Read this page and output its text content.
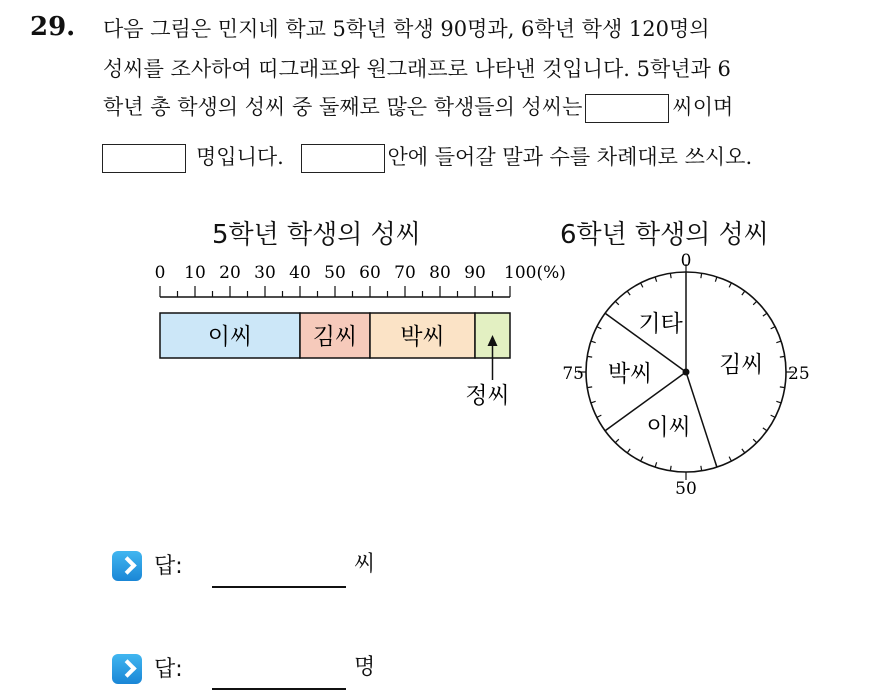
29. 다음 그림은 민지네 학교 5학년 학생 90명과, 6학년 학생 120명의
성씨를 조사하여 띠그래프와 원그래프로 나타낸 것입니다. 5학년과 6
학년 총 학생의 성씨 중 둘째로 많은 학생들의 성씨는	씨이며
명입니다.	안에 들어갈 말과 수를 차례대로 쓰시오.
5학년 학생의 성씨	6학년 학생의 성씨
0 10 20 30 40 50 60 70 80 90 100(%)
이씨	김씨 박씨
정씨
김씨
이씨
박씨
기타
0
25
50
75
답:	씨
답:	명
